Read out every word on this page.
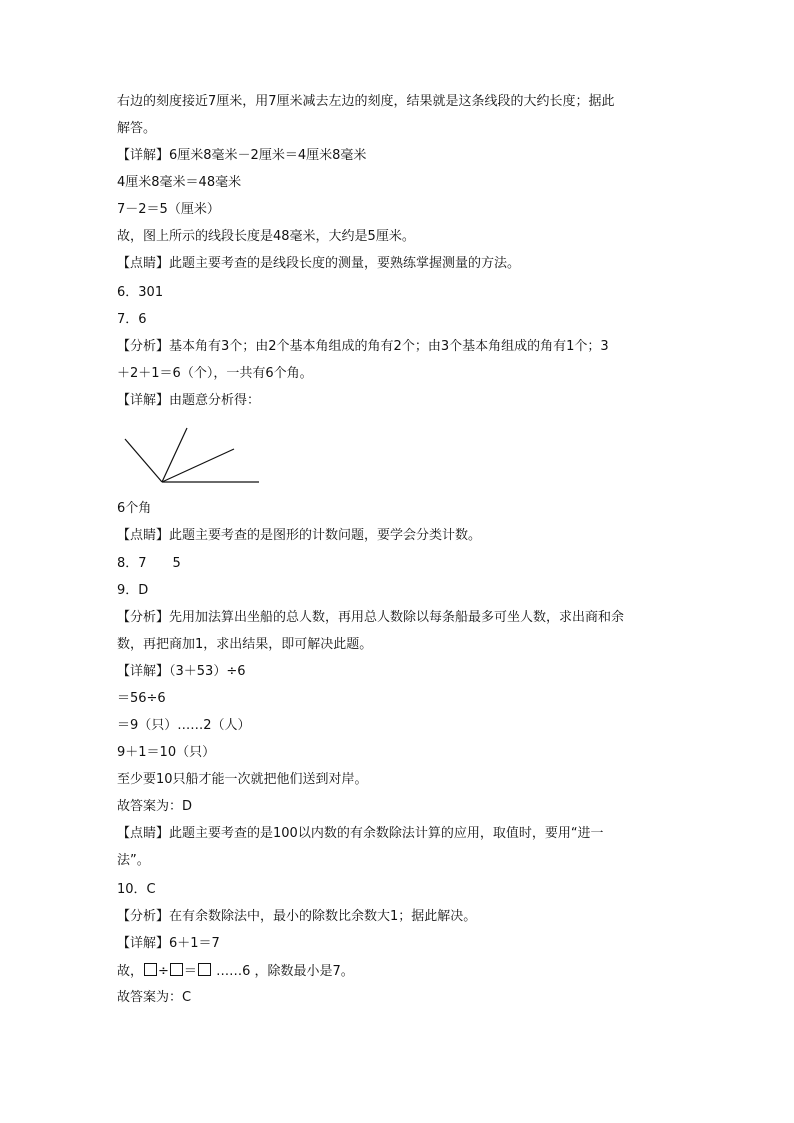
右边的刻度接近7厘米，用7厘米减去左边的刻度，结果就是这条线段的大约长度；据此
解答。
【详解】6厘米8毫米－2厘米＝4厘米8毫米
4厘米8毫米＝48毫米
7－2＝5（厘米）
故，图上所示的线段长度是48毫米，大约是5厘米。
【点睛】此题主要考查的是线段长度的测量，要熟练掌握测量的方法。
6．301
7．6
【分析】基本角有3个；由2个基本角组成的角有2个；由3个基本角组成的角有1个；3
＋2＋1＝6（个），一共有6个角。
【详解】由题意分析得：
6个角
【点睛】此题主要考查的是图形的计数问题，要学会分类计数。
8．7　　5
9．D
【分析】先用加法算出坐船的总人数，再用总人数除以每条船最多可坐人数，求出商和余
数，再把商加1，求出结果，即可解决此题。
【详解】（3＋53）÷6
＝56÷6
＝9（只）……2（人）
9＋1＝10（只）
至少要10只船才能一次就把他们送到对岸。
故答案为：D
【点睛】此题主要考查的是100以内数的有余数除法计算的应用，取值时，要用“进一
法”。
10．C
【分析】在有余数除法中，最小的除数比余数大1；据此解决。
【详解】6＋1＝7
故， ÷ ＝ ……6 ，除数最小是7。
故答案为：C
